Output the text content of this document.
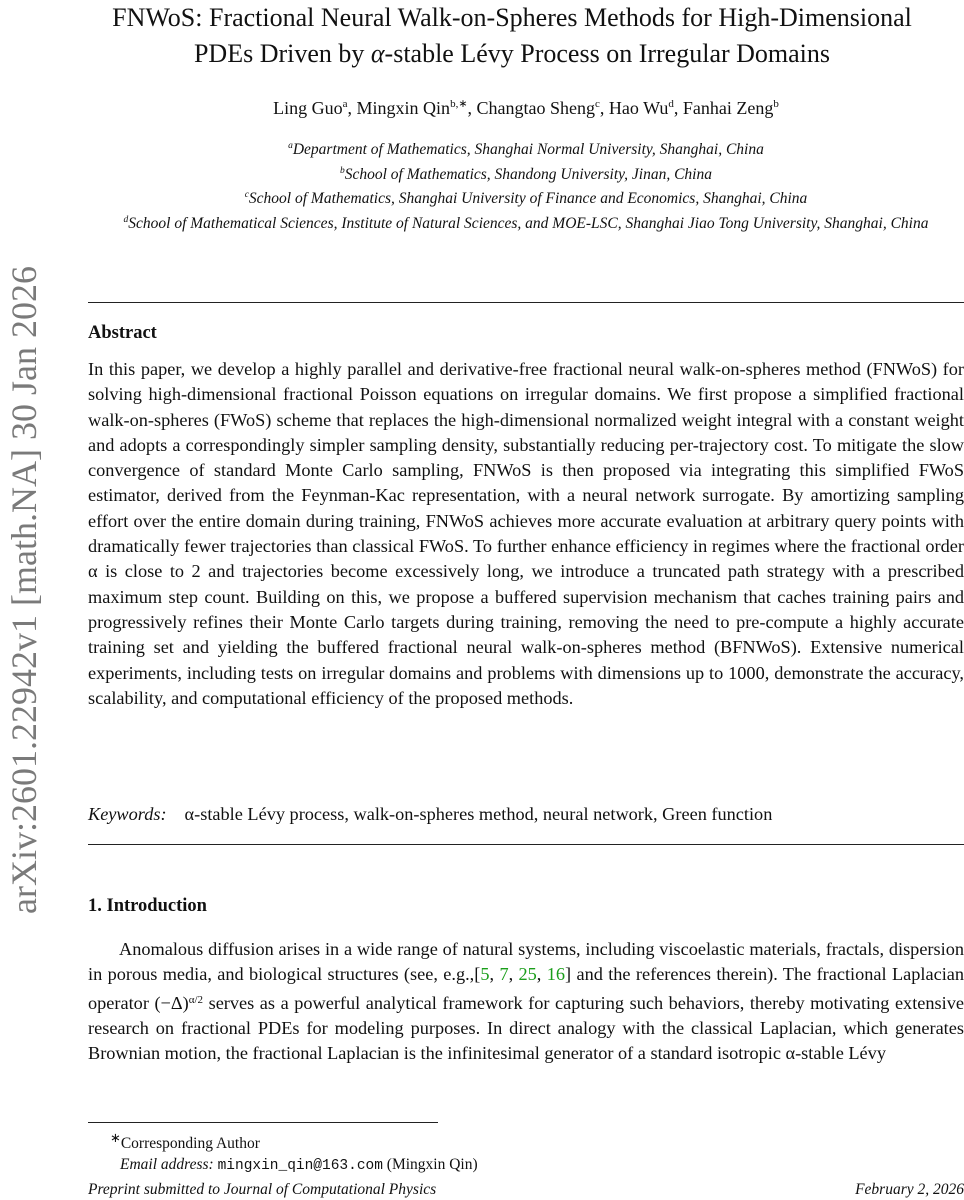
arXiv:2601.22942v1 [math.NA] 30 Jan 2026
FNWoS: Fractional Neural Walk-on-Spheres Methods for High-Dimensional
PDEs Driven by α-stable Lévy Process on Irregular Domains
Ling Guo$^a$, Mingxin Qin$^{b,∗}$, Changtao Sheng$^c$, Hao Wu$^d$, Fanhai Zeng$^b$
$^a$Department of Mathematics, Shanghai Normal University, Shanghai, China
$^b$School of Mathematics, Shandong University, Jinan, China
$^c$School of Mathematics, Shanghai University of Finance and Economics, Shanghai, China
$^d$School of Mathematical Sciences, Institute of Natural Sciences, and MOE-LSC, Shanghai Jiao Tong University, Shanghai, China
Abstract
In this paper, we develop a highly parallel and derivative-free fractional neural walk-on-spheres method (FNWoS) for solving high-dimensional fractional Poisson equations on irregular domains. We first propose a simplified fractional walk-on-spheres (FWoS) scheme that replaces the high-dimensional normalized weight integral with a constant weight and adopts a correspondingly simpler sampling density, substantially reducing per-trajectory cost. To mitigate the slow convergence of standard Monte Carlo sampling, FNWoS is then proposed via integrating this simplified FWoS estimator, derived from the Feynman-Kac representation, with a neural network surrogate. By amortizing sampling effort over the entire domain during training, FNWoS achieves more accurate evaluation at arbitrary query points with dramatically fewer trajectories than classical FWoS. To further enhance efficiency in regimes where the fractional order α is close to 2 and trajectories become excessively long, we introduce a truncated path strategy with a prescribed maximum step count. Building on this, we propose a buffered supervision mechanism that caches training pairs and progressively refines their Monte Carlo targets during training, removing the need to pre-compute a highly accurate training set and yielding the buffered fractional neural walk-on-spheres method (BFNWoS). Extensive numerical experiments, including tests on irregular domains and problems with dimensions up to 1000, demonstrate the accuracy, scalability, and computational efficiency of the proposed methods.
Keywords: α-stable Lévy process, walk-on-spheres method, neural network, Green function
1. Introduction
Anomalous diffusion arises in a wide range of natural systems, including viscoelastic materials, fractals, dispersion in porous media, and biological structures (see, e.g.,[5, 7, 25, 16] and the references therein). The fractional Laplacian operator $(-\Delta)^{\alpha/2}$ serves as a powerful analytical framework for capturing such behaviors, thereby motivating extensive research on fractional PDEs for modeling purposes. In direct analogy with the classical Laplacian, which generates Brownian motion, the fractional Laplacian is the infinitesimal generator of a standard isotropic α-stable Lévy
∗Corresponding Author
Email address: mingxin_qin@163.com (Mingxin Qin)
Preprint submitted to Journal of Computational Physics	February 2, 2026
